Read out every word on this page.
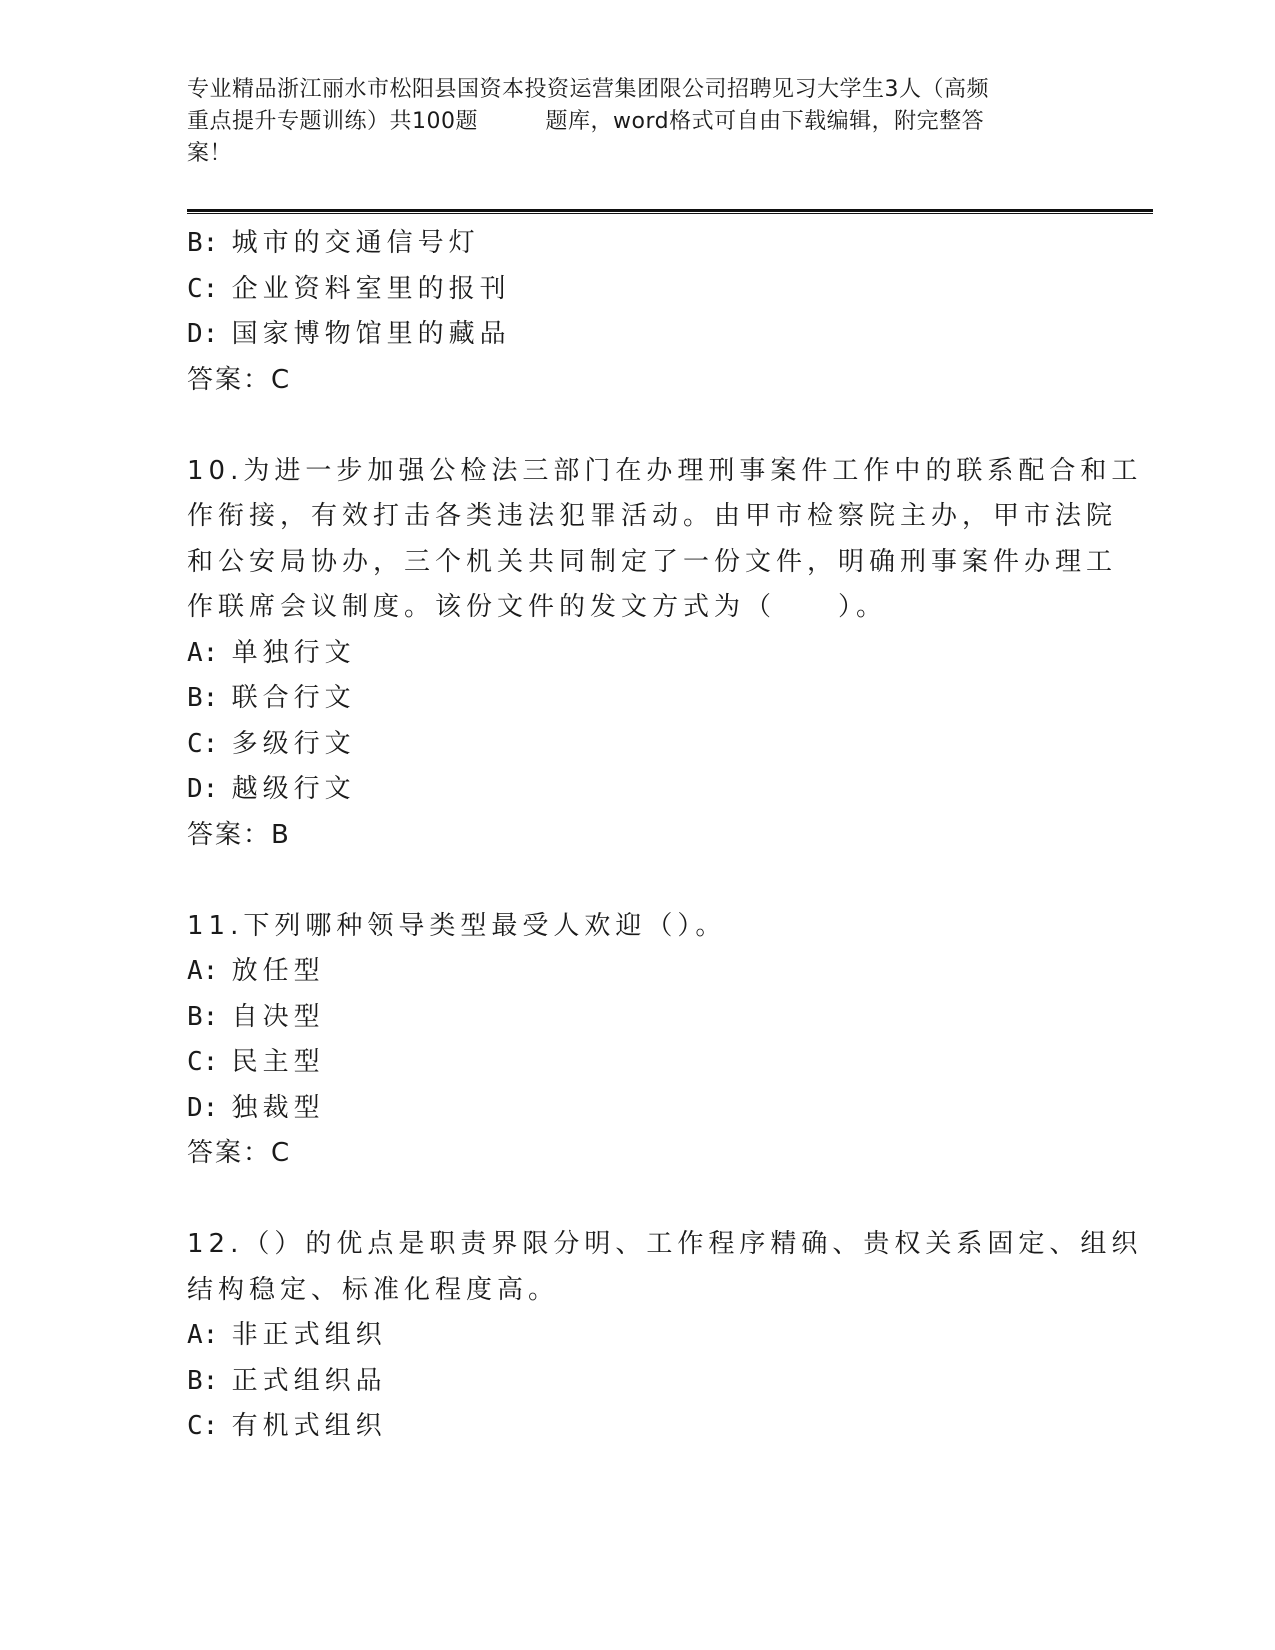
专业精品浙江丽水市松阳县国资本投资运营集团限公司招聘见习大学生3人（高频
重点提升专题训练）共100题　　　题库，word格式可自由下载编辑，附完整答
案！
B: 城市的交通信号灯
C: 企业资料室里的报刊
D: 国家博物馆里的藏品
答案：C
10.为进一步加强公检法三部门在办理刑事案件工作中的联系配合和工
作衔接，有效打击各类违法犯罪活动。由甲市检察院主办，甲市法院
和公安局协办，三个机关共同制定了一份文件，明确刑事案件办理工
作联席会议制度。该份文件的发文方式为（　　）。
A: 单独行文
B: 联合行文
C: 多级行文
D: 越级行文
答案：B
11.下列哪种领导类型最受人欢迎（）。
A: 放任型
B: 自决型
C: 民主型
D: 独裁型
答案：C
12.（）的优点是职责界限分明、工作程序精确、贵权关系固定、组织
结构稳定、标准化程度高。
A: 非正式组织
B: 正式组织品
C: 有机式组织
